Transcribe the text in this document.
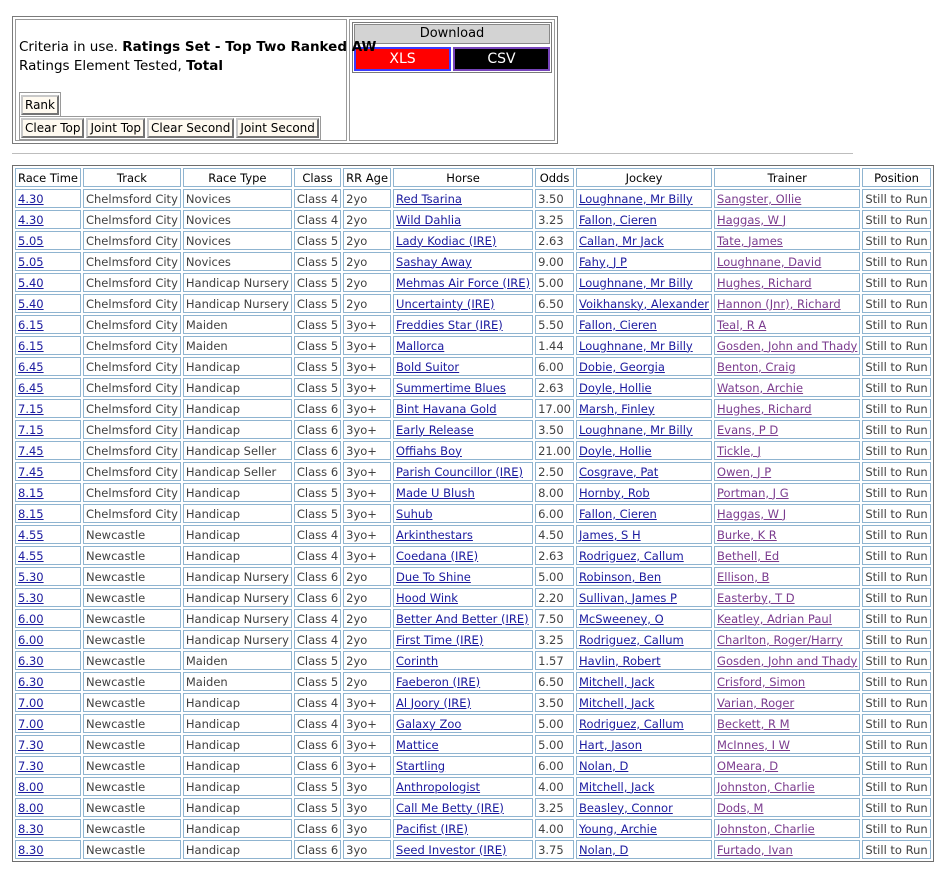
Criteria in use. Ratings Set - Top Two Ranked AW
Ratings Element Tested, Total
Rank
Clear Top Joint Top Clear Second Joint Second
Download
XLS	CSV
Race Time	Track	Race Type	Class	RR Age	Horse	Odds	Jockey	Trainer	Position
4.30	Chelmsford City	Novices	Class 4	2yo	Red Tsarina	3.50	Loughnane, Mr Billy	Sangster, Ollie	Still to Run
4.30	Chelmsford City	Novices	Class 4	2yo	Wild Dahlia	3.25	Fallon, Cieren	Haggas, W J	Still to Run
5.05	Chelmsford City	Novices	Class 5	2yo	Lady Kodiac (IRE)	2.63	Callan, Mr Jack	Tate, James	Still to Run
5.05	Chelmsford City	Novices	Class 5	2yo	Sashay Away	9.00	Fahy, J P	Loughnane, David	Still to Run
5.40	Chelmsford City	Handicap Nursery	Class 5	2yo	Mehmas Air Force (IRE)	5.00	Loughnane, Mr Billy	Hughes, Richard	Still to Run
5.40	Chelmsford City	Handicap Nursery	Class 5	2yo	Uncertainty (IRE)	6.50	Voikhansky, Alexander	Hannon (Jnr), Richard	Still to Run
6.15	Chelmsford City	Maiden	Class 5	3yo+	Freddies Star (IRE)	5.50	Fallon, Cieren	Teal, R A	Still to Run
6.15	Chelmsford City	Maiden	Class 5	3yo+	Mallorca	1.44	Loughnane, Mr Billy	Gosden, John and Thady	Still to Run
6.45	Chelmsford City	Handicap	Class 5	3yo+	Bold Suitor	6.00	Dobie, Georgia	Benton, Craig	Still to Run
6.45	Chelmsford City	Handicap	Class 5	3yo+	Summertime Blues	2.63	Doyle, Hollie	Watson, Archie	Still to Run
7.15	Chelmsford City	Handicap	Class 6	3yo+	Bint Havana Gold	17.00	Marsh, Finley	Hughes, Richard	Still to Run
7.15	Chelmsford City	Handicap	Class 6	3yo+	Early Release	3.50	Loughnane, Mr Billy	Evans, P D	Still to Run
7.45	Chelmsford City	Handicap Seller	Class 6	3yo+	Offiahs Boy	21.00	Doyle, Hollie	Tickle, J	Still to Run
7.45	Chelmsford City	Handicap Seller	Class 6	3yo+	Parish Councillor (IRE)	2.50	Cosgrave, Pat	Owen, J P	Still to Run
8.15	Chelmsford City	Handicap	Class 5	3yo+	Made U Blush	8.00	Hornby, Rob	Portman, J G	Still to Run
8.15	Chelmsford City	Handicap	Class 5	3yo+	Suhub	6.00	Fallon, Cieren	Haggas, W J	Still to Run
4.55	Newcastle	Handicap	Class 4	3yo+	Arkinthestars	4.50	James, S H	Burke, K R	Still to Run
4.55	Newcastle	Handicap	Class 4	3yo+	Coedana (IRE)	2.63	Rodriguez, Callum	Bethell, Ed	Still to Run
5.30	Newcastle	Handicap Nursery	Class 6	2yo	Due To Shine	5.00	Robinson, Ben	Ellison, B	Still to Run
5.30	Newcastle	Handicap Nursery	Class 6	2yo	Hood Wink	2.20	Sullivan, James P	Easterby, T D	Still to Run
6.00	Newcastle	Handicap Nursery	Class 4	2yo	Better And Better (IRE)	7.50	McSweeney, O	Keatley, Adrian Paul	Still to Run
6.00	Newcastle	Handicap Nursery	Class 4	2yo	First Time (IRE)	3.25	Rodriguez, Callum	Charlton, Roger/Harry	Still to Run
6.30	Newcastle	Maiden	Class 5	2yo	Corinth	1.57	Havlin, Robert	Gosden, John and Thady	Still to Run
6.30	Newcastle	Maiden	Class 5	2yo	Faeberon (IRE)	6.50	Mitchell, Jack	Crisford, Simon	Still to Run
7.00	Newcastle	Handicap	Class 4	3yo+	Al Joory (IRE)	3.50	Mitchell, Jack	Varian, Roger	Still to Run
7.00	Newcastle	Handicap	Class 4	3yo+	Galaxy Zoo	5.00	Rodriguez, Callum	Beckett, R M	Still to Run
7.30	Newcastle	Handicap	Class 6	3yo+	Mattice	5.00	Hart, Jason	McInnes, I W	Still to Run
7.30	Newcastle	Handicap	Class 6	3yo+	Startling	6.00	Nolan, D	OMeara, D	Still to Run
8.00	Newcastle	Handicap	Class 5	3yo	Anthropologist	4.00	Mitchell, Jack	Johnston, Charlie	Still to Run
8.00	Newcastle	Handicap	Class 5	3yo	Call Me Betty (IRE)	3.25	Beasley, Connor	Dods, M	Still to Run
8.30	Newcastle	Handicap	Class 6	3yo	Pacifist (IRE)	4.00	Young, Archie	Johnston, Charlie	Still to Run
8.30	Newcastle	Handicap	Class 6	3yo	Seed Investor (IRE)	3.75	Nolan, D	Furtado, Ivan	Still to Run
